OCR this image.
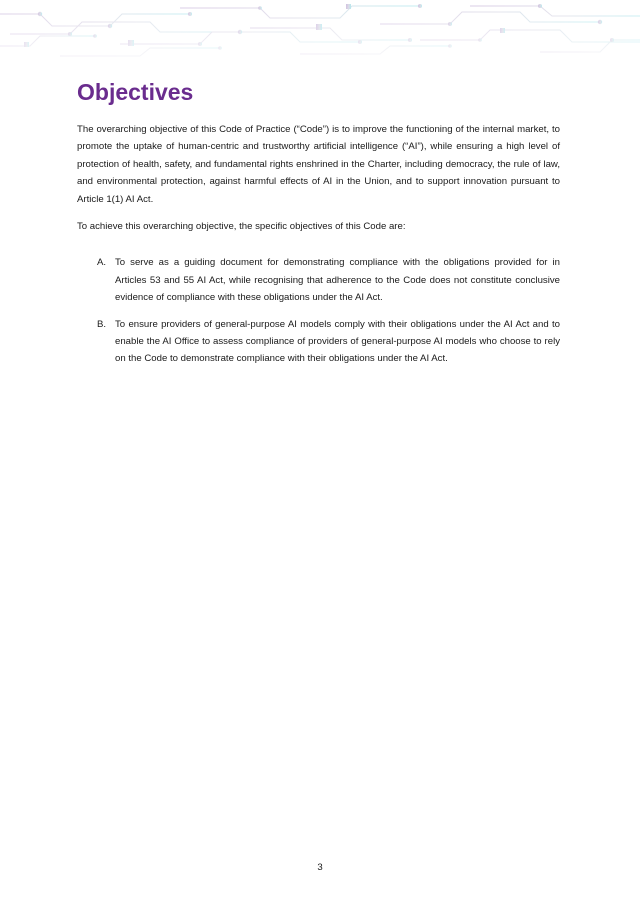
Objectives

The overarching objective of this Code of Practice (“Code”) is to improve the functioning of the internal market, to promote the uptake of human-centric and trustworthy artificial intelligence (“AI”), while ensuring a high level of protection of health, safety, and fundamental rights enshrined in the Charter, including democracy, the rule of law, and environmental protection, against harmful effects of AI in the Union, and to support innovation pursuant to Article 1(1) AI Act.

To achieve this overarching objective, the specific objectives of this Code are:

A. To serve as a guiding document for demonstrating compliance with the obligations provided for in Articles 53 and 55 AI Act, while recognising that adherence to the Code does not constitute conclusive evidence of compliance with these obligations under the AI Act.
B. To ensure providers of general-purpose AI models comply with their obligations under the AI Act and to enable the AI Office to assess compliance of providers of general-purpose AI models who choose to rely on the Code to demonstrate compliance with their obligations under the AI Act.
3
